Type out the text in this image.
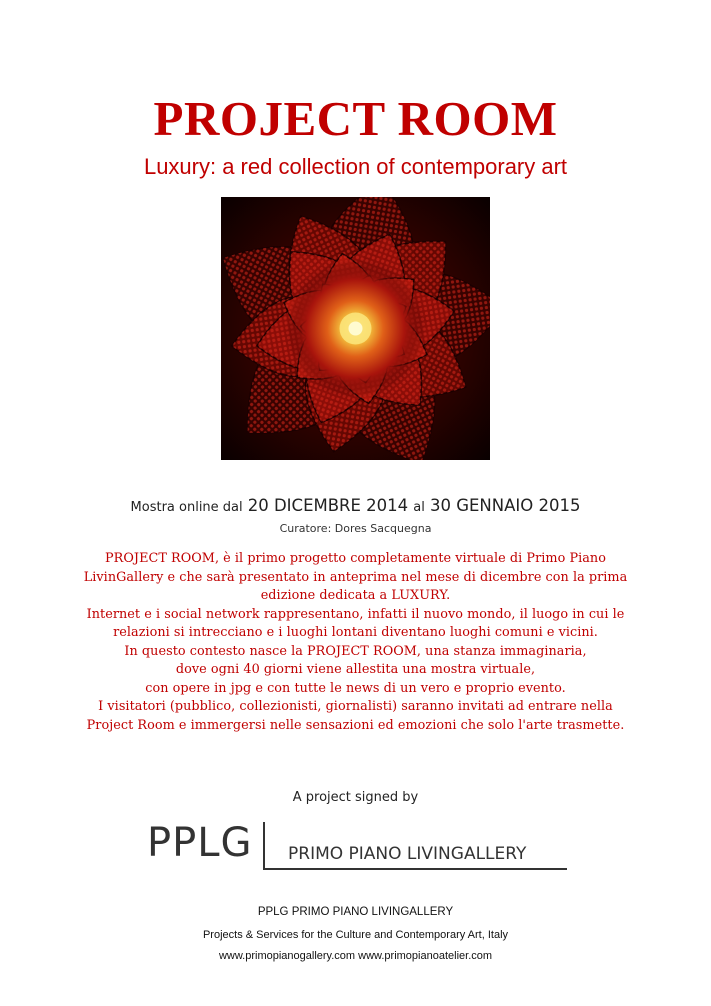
PROJECT ROOM
Luxury: a red collection of contemporary art
Mostra online dal 20 DICEMBRE 2014 al 30 GENNAIO 2015
Curatore: Dores Sacquegna
PROJECT ROOM, è il primo progetto completamente virtuale di Primo Piano
LivinGallery e che sarà presentato in anteprima nel mese di dicembre con la prima
edizione dedicata a LUXURY.
Internet e i social network rappresentano, infatti il nuovo mondo, il luogo in cui le
relazioni si intrecciano e i luoghi lontani diventano luoghi comuni e vicini.
In questo contesto nasce la PROJECT ROOM, una stanza immaginaria,
dove ogni 40 giorni viene allestita una mostra virtuale,
con opere in jpg e con tutte le news di un vero e proprio evento.
I visitatori (pubblico, collezionisti, giornalisti) saranno invitati ad entrare nella
Project Room e immergersi nelle sensazioni ed emozioni che solo l'arte trasmette.
A project signed by
PPLG PRIMO PIANO LIVINGALLERY
PPLG PRIMO PIANO LIVINGALLERY
Projects & Services for the Culture and Contemporary Art, Italy
www.primopianogallery.com www.primopianoatelier.com
